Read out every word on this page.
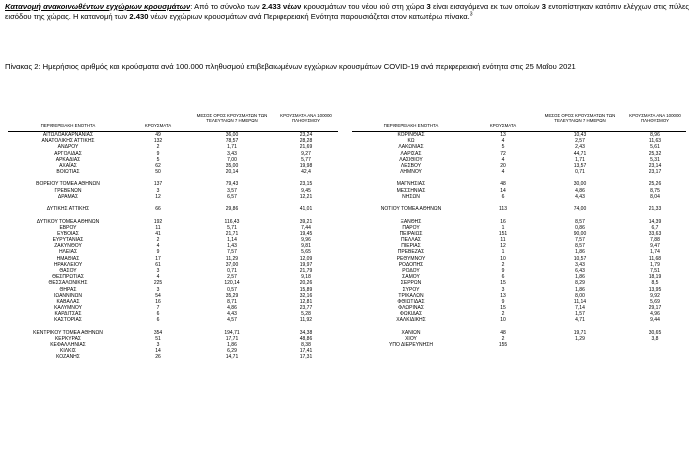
Κατανομή ανακοινωθέντων εγχώριων κρουσμάτων: Από το σύνολο των 2.433 νέων κρουσμάτων του νέου ιού στη χώρα 3 είναι εισαγόμενα εκ των οποίων 3 εντοπίστηκαν κατόπιν ελέγχων στις πύλες εισόδου της χώρας. Η κατανομή των 2.430 νέων εγχώριων κρουσμάτων ανά Περιφερειακή Ενότητα παρουσιάζεται στον κατωτέρω πίνακα.$^3$
Πίνακας 2: Ημερήσιος αριθμός και κρούσματα ανά 100.000 πληθυσμού επιβεβαιωμένων εγχώριων κρουσμάτων COVID-19 ανά περιφερειακή ενότητα στις 25 Μαΐου 2021
ΠΕΡΙΦΕΡΕΙΑΚΗ ΕΝΟΤΗΤΑ	ΚΡΟΥΣΜΑΤΑ
ΜΕΣΟΣ ΟΡΟΣ ΚΡΟΥΣΜΑΤΩΝ ΤΩΝ ΤΕΛΕΥΤΑΙΩΝ 7 ΗΜΕΡΩΝ
ΚΡΟΥΣΜΑΤΑ ΑΝΑ 100000 ΠΛΗΘΥΣΜΟΥ
ΑΙΤΩΛΟΑΚΑΡΝΑΝΙΑΣ	49	36,00	23,24
ΑΝΑΤΟΛΙΚΗΣ ΑΤΤΙΚΗΣ	132	78,57	28,28
ΑΝΔΡΟΥ	2	1,71	21,69
ΑΡΓΟΛΙΔΑΣ	9	3,43	9,27
ΑΡΚΑΔΙΑΣ	5	7,00	5,77
ΑΧΑΪΑΣ	62	35,00	19,98
ΒΟΙΩΤΙΑΣ	50	20,14	42,4
ΒΟΡΕΙΟΥ ΤΟΜΕΑ ΑΘΗΝΩΝ	137	79,43	23,15
ΓΡΕΒΕΝΩΝ	3	3,57	9,45
ΔΡΑΜΑΣ	12	6,57	12,21
ΔΥΤΙΚΗΣ ΑΤΤΙΚΗΣ	66	29,86	41,01
ΔΥΤΙΚΟΥ ΤΟΜΕΑ ΑΘΗΝΩΝ	192	116,43	39,21
ΕΒΡΟΥ	11	5,71	7,44
ΕΥΒΟΙΑΣ	41	21,71	19,45
ΕΥΡΥΤΑΝΙΑΣ	2	1,14	9,96
ΖΑΚΥΝΘΟΥ	4	1,43	9,81
ΗΛΕΙΑΣ	9	7,57	5,65
ΗΜΑΘΙΑΣ	17	11,29	12,09
ΗΡΑΚΛΕΙΟΥ	61	37,00	19,97
ΘΑΣΟΥ	3	0,71	21,79
ΘΕΣΠΡΩΤΙΑΣ	4	2,57	9,18
ΘΕΣΣΑΛΟΝΙΚΗΣ	225	120,14	20,26
ΘΗΡΑΣ	3	0,57	15,89
ΙΩΑΝΝΙΝΩΝ	54	35,29	32,16
ΚΑΒΑΛΑΣ	16	8,71	12,81
ΚΑΛΥΜΝΟΥ	7	4,86	23,77
ΚΑΡΔΙΤΣΑΣ	6	4,43	5,28
ΚΑΣΤΟΡΙΑΣ	6	4,57	11,92
ΚΕΝΤΡΙΚΟΥ ΤΟΜΕΑ ΑΘΗΝΩΝ	354	194,71	34,38
ΚΕΡΚΥΡΑΣ	51	17,71	48,86
ΚΕΦΑΛΛΗΝΙΑΣ	3	1,86	8,38
ΚΙΛΚΙΣ	14	6,29	17,41
ΚΟΖΑΝΗΣ	26	14,71	17,31
ΠΕΡΙΦΕΡΕΙΑΚΗ ΕΝΟΤΗΤΑ	ΚΡΟΥΣΜΑΤΑ
ΜΕΣΟΣ ΟΡΟΣ ΚΡΟΥΣΜΑΤΩΝ ΤΩΝ ΤΕΛΕΥΤΑΙΩΝ 7 ΗΜΕΡΩΝ
ΚΡΟΥΣΜΑΤΑ ΑΝΑ 100000 ΠΛΗΘΥΣΜΟΥ
ΚΟΡΙΝΘΙΑΣ	13	10,43	8,96
ΚΩ	4	2,57	11,63
ΛΑΚΩΝΙΑΣ	5	2,43	5,61
ΛΑΡΙΣΑΣ	72	44,71	25,32
ΛΑΣΙΘΙΟΥ	4	1,71	5,31
ΛΕΣΒΟΥ	20	13,57	23,14
ΛΗΜΝΟΥ	4	0,71	23,17
ΜΑΓΝΗΣΙΑΣ	48	30,00	25,26
ΜΕΣΣΗΝΙΑΣ	14	4,86	8,75
ΝΗΣΩΝ	6	4,43	8,04
ΝΟΤΙΟΥ ΤΟΜΕΑ ΑΘΗΝΩΝ	113	74,00	21,33
ΞΑΝΘΗΣ	16	8,57	14,39
ΠΑΡΟΥ	1	0,86	6,7
ΠΕΙΡΑΙΩΣ	151	90,00	33,63
ΠΕΛΛΑΣ	11	7,57	7,88
ΠΙΕΡΙΑΣ	12	8,57	9,47
ΠΡΕΒΕΖΑΣ	1	1,86	1,74
ΡΕΘΥΜΝΟΥ	10	10,57	11,68
ΡΟΔΟΠΗΣ	2	3,43	1,79
ΡΟΔΟΥ	9	6,43	7,51
ΣΑΜΟΥ	6	1,86	18,19
ΣΕΡΡΩΝ	15	8,29	8,5
ΣΥΡΟΥ	3	1,86	13,95
ΤΡΙΚΑΛΩΝ	13	8,00	9,92
ΦΘΙΩΤΙΔΑΣ	9	11,14	5,69
ΦΛΩΡΙΝΑΣ	15	7,14	29,17
ΦΩΚΙΔΑΣ	2	1,57	4,96
ΧΑΛΚΙΔΙΚΗΣ	10	4,71	9,44
ΧΑΝΙΩΝ	48	19,71	30,65
ΧΙΟΥ	2	1,29	3,8
ΥΠΟ ΔΙΕΡΕΥΝΗΣΗ	155
